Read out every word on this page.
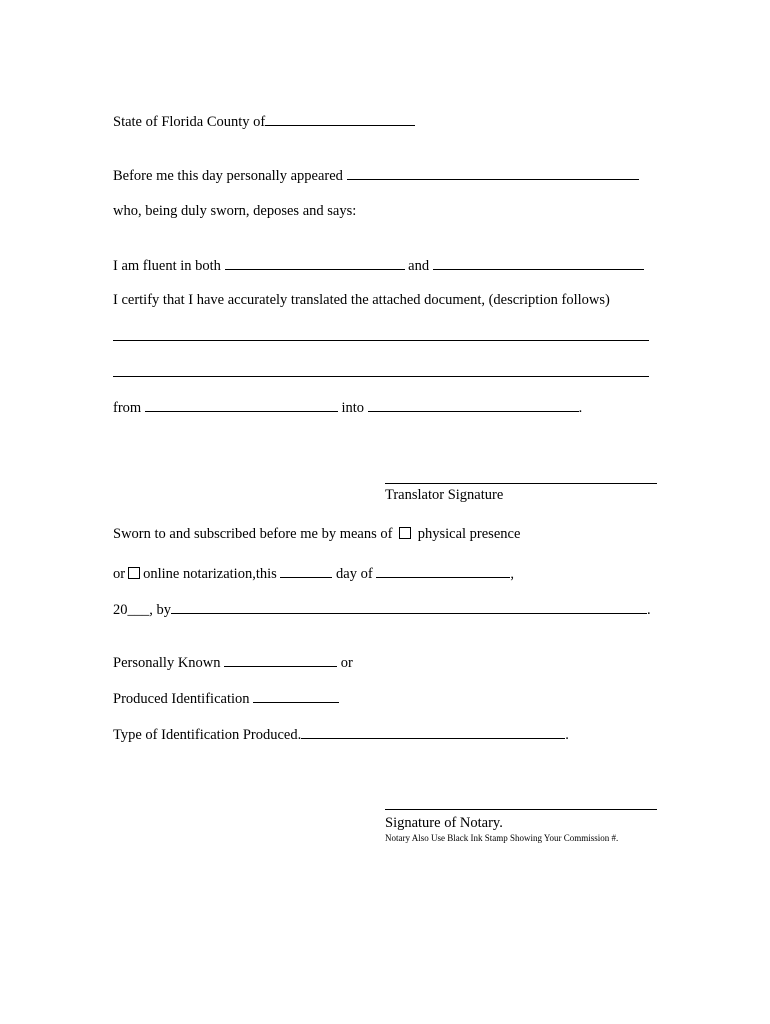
State of Florida County of
Before me this day personally appeared
who, being duly sworn, deposes and says:
I am fluent in both	and
I certify that I have accurately translated the attached document, (description follows)
from	into	.
Translator Signature
Sworn to and subscribed before me by means of physical presence
or online notarization,this	day of	,
20___, by	.
Personally Known	or
Produced Identification
Type of Identification Produced.	.
Signature of Notary.
Notary Also Use Black Ink Stamp Showing Your Commission #.
